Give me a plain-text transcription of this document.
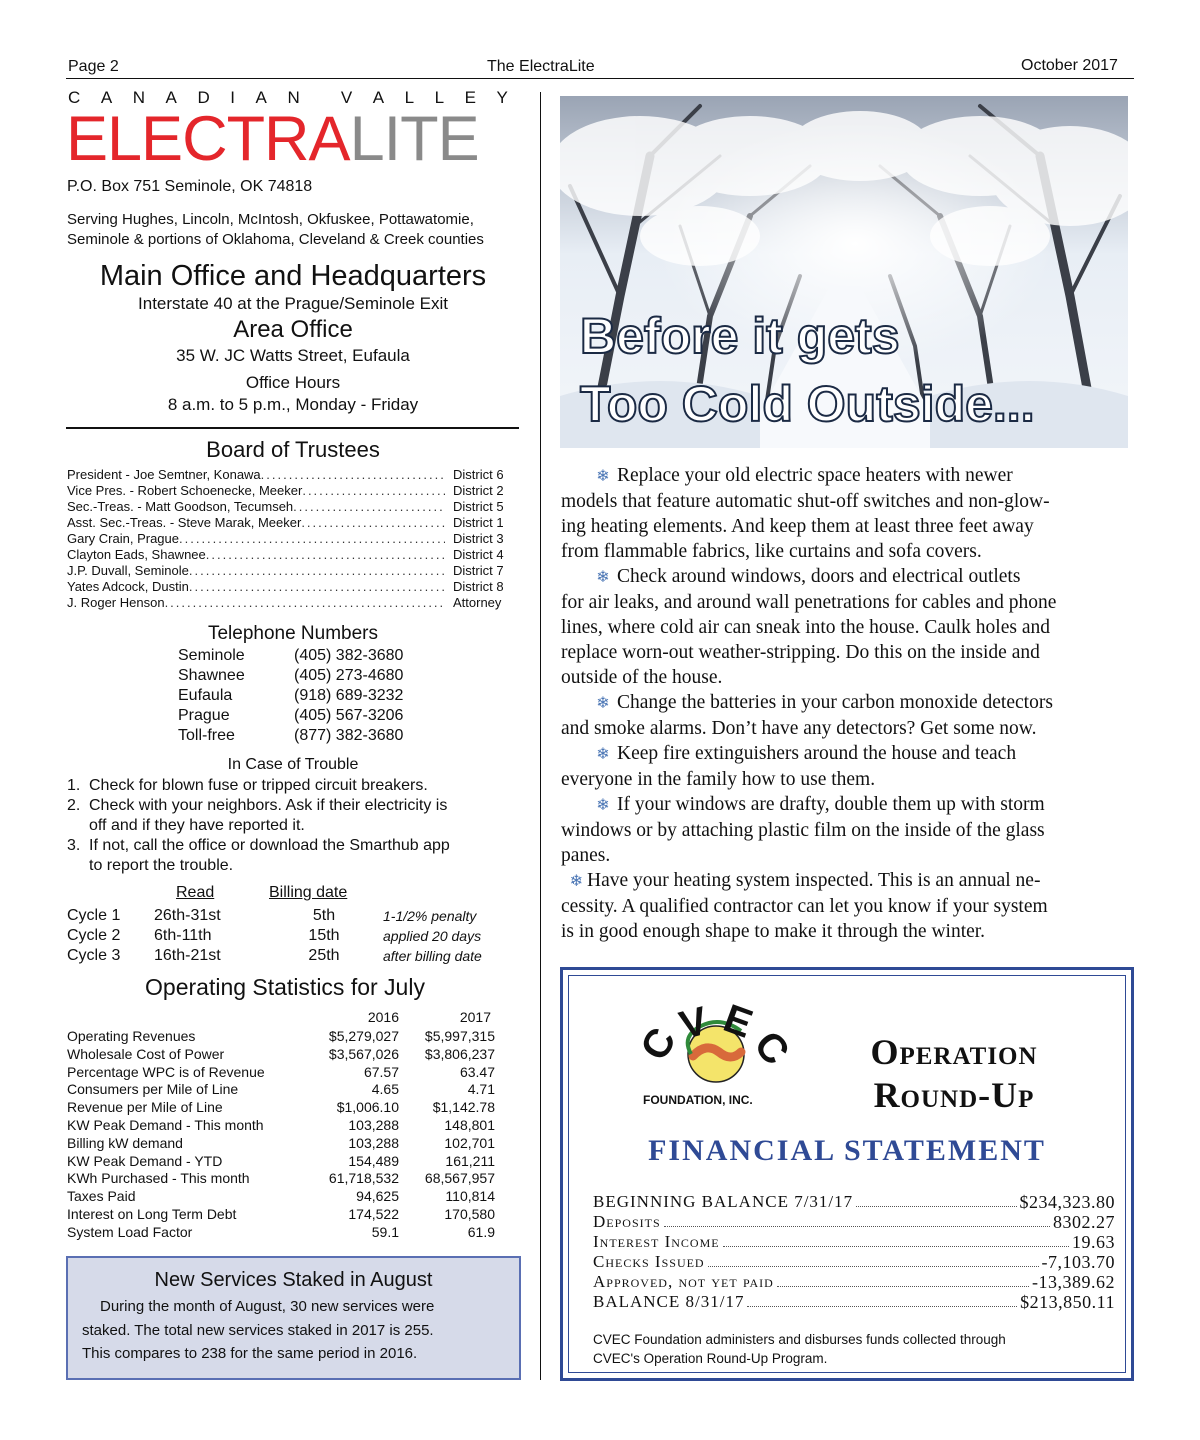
Page 2	The ElectraLite	October 2017
C A N A D I A N V A L L E Y
ELECTRALITE
P.O. Box 751 Seminole, OK 74818
Serving Hughes, Lincoln, McIntosh, Okfuskee, Pottawatomie,
Seminole & portions of Oklahoma, Cleveland & Creek counties
Main Office and Headquarters
Interstate 40 at the Prague/Seminole Exit
Area Office
35 W. JC Watts Street, Eufaula
Office Hours
8 a.m. to 5 p.m., Monday - Friday
Board of Trustees
President - Joe Semtner, Konawa .....	District 6
Vice Pres. - Robert Schoenecke, Meeker .....	District 2
Sec.-Treas. - Matt Goodson, Tecumseh .....	District 5
Asst. Sec.-Treas. - Steve Marak, Meeker .....	District 1
Gary Crain, Prague .....	District 3
Clayton Eads, Shawnee .....	District 4
J.P. Duvall, Seminole .....	District 7
Yates Adcock, Dustin .....	District 8
J. Roger Henson .....	Attorney
Telephone Numbers
Seminole	(405) 382-3680
Shawnee	(405) 273-4680
Eufaula	(918) 689-3232
Prague	(405) 567-3206
Toll-free	(877) 382-3680
In Case of Trouble
1. Check for blown fuse or tripped circuit breakers.
2. Check with your neighbors. Ask if their electricity is
off and if they have reported it.
3. If not, call the office or download the Smarthub app
to report the trouble.
Read	Billing date
Cycle 1	26th-31st	5th	1-1/2% penalty
Cycle 2	6th-11th	15th	applied 20 days
Cycle 3	16th-21st	25th	after billing date
Operating Statistics for July
2016	2017
Operating Revenues	$5,279,027	$5,997,315
Wholesale Cost of Power	$3,567,026	$3,806,237
Percentage WPC is of Revenue	67.57	63.47
Consumers per Mile of Line	4.65	4.71
Revenue per Mile of Line	$1,006.10	$1,142.78
KW Peak Demand - This month	103,288	148,801
Billing kW demand	103,288	102,701
KW Peak Demand - YTD	154,489	161,211
KWh Purchased - This month	61,718,532	68,567,957
Taxes Paid	94,625	110,814
Interest on Long Term Debt	174,522	170,580
System Load Factor	59.1	61.9
New Services Staked in August
During the month of August, 30 new services were
staked. The total new services staked in 2017 is 255.
This compares to 238 for the same period in 2016.
Before it gets
Too Cold Outside...

❄ Replace your old electric space heaters with newer
models that feature automatic shut-off switches and non-glow-
ing heating elements. And keep them at least three feet away
from flammable fabrics, like curtains and sofa covers.

❄ Check around windows, doors and electrical outlets
for air leaks, and around wall penetrations for cables and phone
lines, where cold air can sneak into the house. Caulk holes and
replace worn-out weather-stripping. Do this on the inside and
outside of the house.

❄ Change the batteries in your carbon monoxide detectors
and smoke alarms. Don’t have any detectors? Get some now.

❄ Keep fire extinguishers around the house and teach
everyone in the family how to use them.

❄ If your windows are drafty, double them up with storm
windows or by attaching plastic film on the inside of the glass
panes.

❄ Have your heating system inspected. This is an annual ne-
cessity. A qualified contractor can let you know if your system
is in good enough shape to make it through the winter.

C
V E
C
FOUNDATION, INC.
Operation
Round-Up
FINANCIAL STATEMENT
BEGINNING BALANCE 7/31/17	$234,323.80
Deposits	8302.27
Interest Income	19.63
Checks Issued	-7,103.70
Approved, not yet paid	-13,389.62
BALANCE 8/31/17	$213,850.11
CVEC Foundation administers and disburses funds collected through
CVEC's Operation Round-Up Program.
